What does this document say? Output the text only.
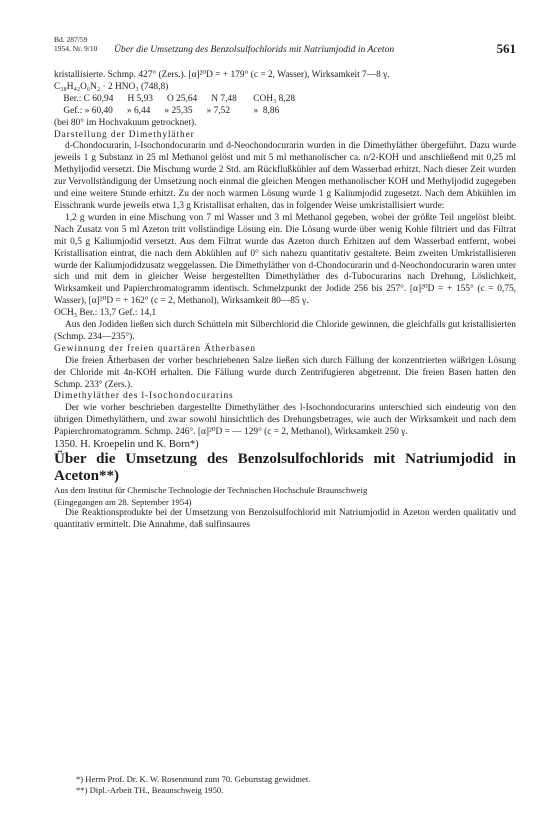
Bd. 287/59
1954, Nr. 9/10 Über die Umsetzung des Benzolsulfochlorids mit Natriumjodid in Aceton	561

kristallisierte. Schmp. 427° (Zers.). [α]²⁰D = + 179° (c = 2, Wasser), Wirksamkeit 7—8 γ.

C₃₈H₄₂O₆N₂ · 2 HNO₃ (748,8)

Ber.: C 60,94      H 5,93      O 25,64      N 7,48       COH₃ 8,28
Gef.: » 60,40      » 6,44      » 25,35      » 7,52          »  8,86

(bei 80° im Hochvakuum getrocknet).

Darstellung der Dimethyläther

d-Chondocurarin, l-Isochondocurarin und d-Neochondocurarin wurden in die Dimethyläther übergeführt. Dazu wurde jeweils 1 g Substanz in 25 ml Methanol gelöst und mit 5 ml methanolischer ca. n/2-KOH und anschließend mit 0,25 ml Methyljodid versetzt. Die Mischung wurde 2 Std. am Rückflußkühler auf dem Wasserbad erhitzt. Nach dieser Zeit wurden zur Vervollständigung der Umsetzung noch einmal die gleichen Mengen methanolischer KOH und Methyljodid zugegeben und eine weitere Stunde erhitzt. Zu der noch warmen Lösung wurde 1 g Kaliumjodid zugesetzt. Nach dem Abkühlen im Eisschrank wurde jeweils etwa 1,3 g Kristallisat erhalten, das in folgender Weise umkristallisiert wurde:

1,2 g wurden in eine Mischung von 7 ml Wasser und 3 ml Methanol gegeben, wobei der größte Teil ungelöst bleibt. Nach Zusatz von 5 ml Azeton tritt vollständige Lösung ein. Die Lösung wurde über wenig Kohle filtriert und das Filtrat mit 0,5 g Kaliumjodid versetzt. Aus dem Filtrat wurde das Azeton durch Erhitzen auf dem Wasserbad entfernt, wobei Kristallisation eintrat, die nach dem Abkühlen auf 0° sich nahezu quantitativ gestaltete. Beim zweiten Umkristallisieren wurde der Kaliumjodidzusatz weggelassen. Die Dimethyläther von d-Chondocurarin und d-Neochondocurarin waren unter sich und mit dem in gleicher Weise hergestellten Dimethyläther des d-Tubocurarins nach Drehung, Löslichkeit, Wirksamkeit und Papierchromatogramm identisch. Schmelzpunkt der Jodide 256 bis 257°. [α]²⁰D = + 155° (c = 0,75, Wasser), [α]²⁰D = + 162° (c = 2, Methanol), Wirksamkeit 80—85 γ.

OCH₃ Ber.: 13,7 Gef.: 14,1

Aus den Jodiden ließen sich durch Schütteln mit Silberchlorid die Chloride gewinnen, die gleichfalls gut kristallisierten (Schmp. 234—235°).

Gewinnung der freien quartären Ätherbasen

Die freien Ätherbasen der vorher beschriebenen Salze ließen sich durch Fällung der konzentrierten wäßrigen Lösung der Chloride mit 4n-KOH erhalten. Die Fällung wurde durch Zentrifugieren abgetrennt. Die freien Basen hatten den Schmp. 233° (Zers.).

Dimethyläther des l-Isochondocurarins

Der wie vorher beschrieben dargestellte Dimethyläther des l-Isochondocurarins unterschied sich eindeutig von den übrigen Dimethyläthern, und zwar sowohl hinsichtlich des Drehungsbetrages, wie auch der Wirksamkeit und nach dem Papierchromatogramm. Schmp. 246°. [α]²⁰D = — 129° (c = 2, Methanol), Wirksamkeit 250 γ.

1350. H. Kroepelin und K. Born*)

Über die Umsetzung des Benzolsulfochlorids mit Natriumjodid in Aceton**)

Aus dem Institut für Chemische Technologie der Technischen Hochschule Braunschweig

(Eingegangen am 28. September 1954)

Die Reaktionsprodukte bei der Umsetzung von Benzolsulfochlorid mit Natriumjodid in Azeton werden qualitativ und quantitativ ermittelt. Die Annahme, daß sulfinsaures

*) Herrn Prof. Dr. K. W. Rosenmund zum 70. Geburtstag gewidmet.

**) Dipl.-Arbeit TH., Beaunschweig 1950.
